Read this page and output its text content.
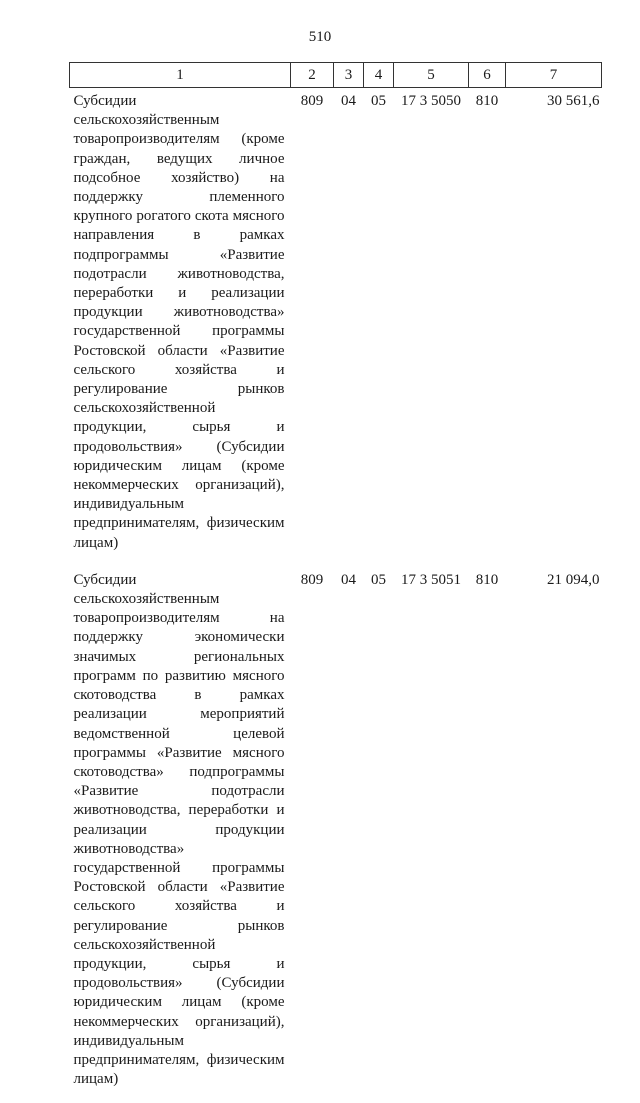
510
1	2	3	4	5	6	7
Субсидии сельскохозяйственным товаропроизводителям (кроме граждан, ведущих личное подсобное хозяйство) на поддержку племенного крупного рогатого скота мясного направления в рамках подпрограммы «Развитие подотрасли животноводства, переработки и реализации продукции животноводства» государственной программы Ростовской области «Развитие сельского хозяйства и регулирование рынков сельскохозяйственной продукции, сырья и продовольствия» (Субсидии юридическим лицам (кроме некоммерческих организаций), индивидуальным предпринимателям, физическим лицам)	809	04	05	17 3 5050	810	30 561,6
Субсидии сельскохозяйственным товаропроизводителям на поддержку экономически значимых региональных программ по развитию мясного скотоводства в рамках реализации мероприятий ведомственной целевой программы «Развитие мясного скотоводства» подпрограммы «Развитие подотрасли животноводства, переработки и реализации продукции животноводства» государственной программы Ростовской области «Развитие сельского хозяйства и регулирование рынков сельскохозяйственной продукции, сырья и продовольствия» (Субсидии юридическим лицам (кроме некоммерческих организаций), индивидуальным предпринимателям, физическим лицам)	809	04	05	17 3 5051	810	21 094,0
